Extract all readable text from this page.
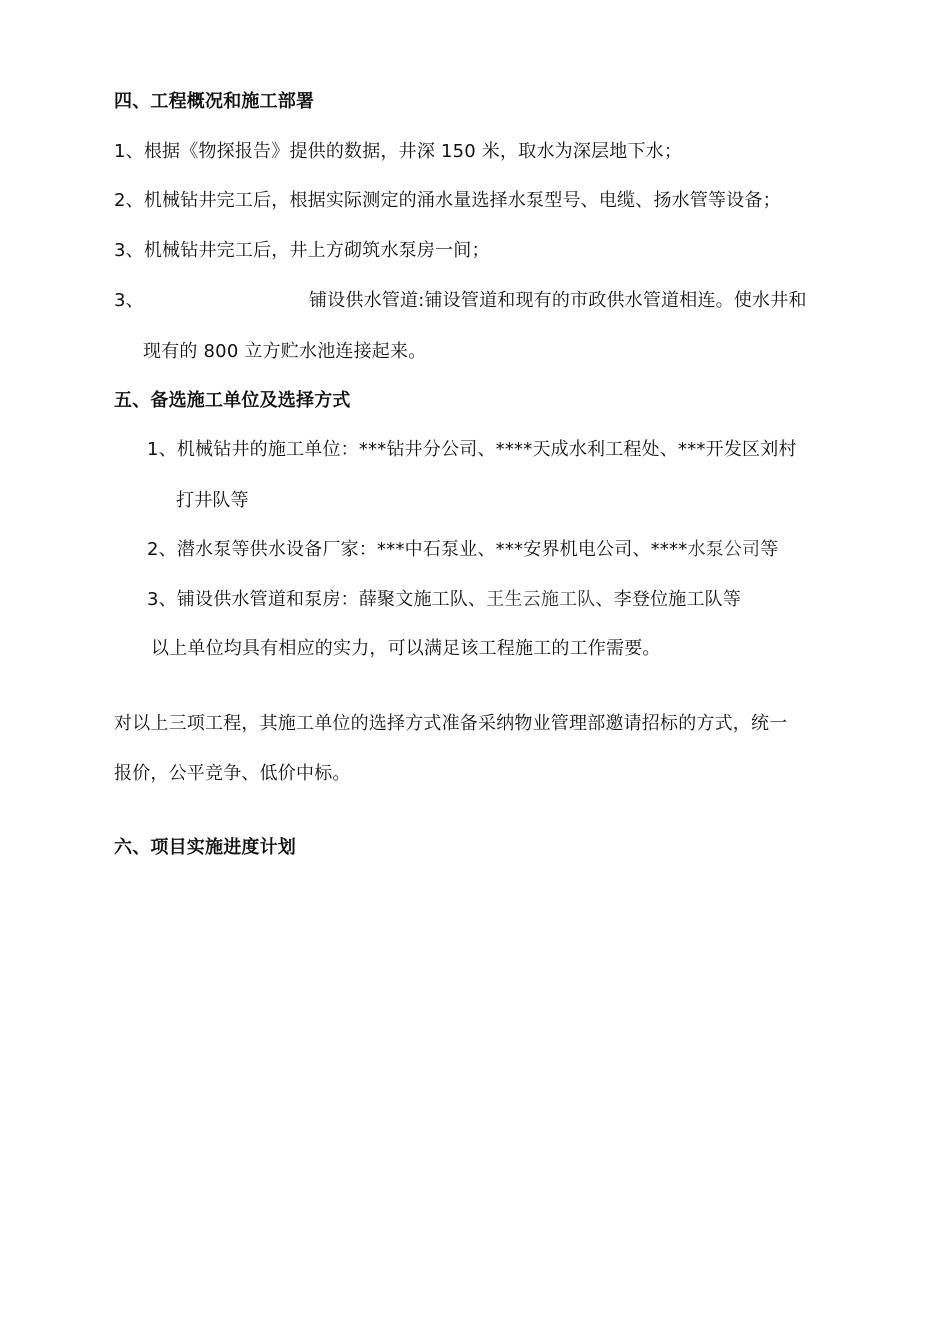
四、工程概况和施工部署
1、根据《物探报告》提供的数据，井深 150 米，取水为深层地下水；
2、机械钻井完工后，根据实际测定的涌水量选择水泵型号、电缆、扬水管等设备；
3、机械钻井完工后，井上方砌筑水泵房一间；
3、	铺设供水管道:铺设管道和现有的市政供水管道相连。使水井和
现有的 800 立方贮水池连接起来。
五、备选施工单位及选择方式
1、机械钻井的施工单位：***钻井分公司、****天成水利工程处、***开发区刘村
打井队等
2、潜水泵等供水设备厂家：***中石泵业、***安界机电公司、****水泵公司等
3、铺设供水管道和泵房：薛聚文施工队、王生云施工队、李登位施工队等
以上单位均具有相应的实力，可以满足该工程施工的工作需要。
对以上三项工程，其施工单位的选择方式准备采纳物业管理部邀请招标的方式，统一
报价，公平竞争、低价中标。
六、项目实施进度计划
